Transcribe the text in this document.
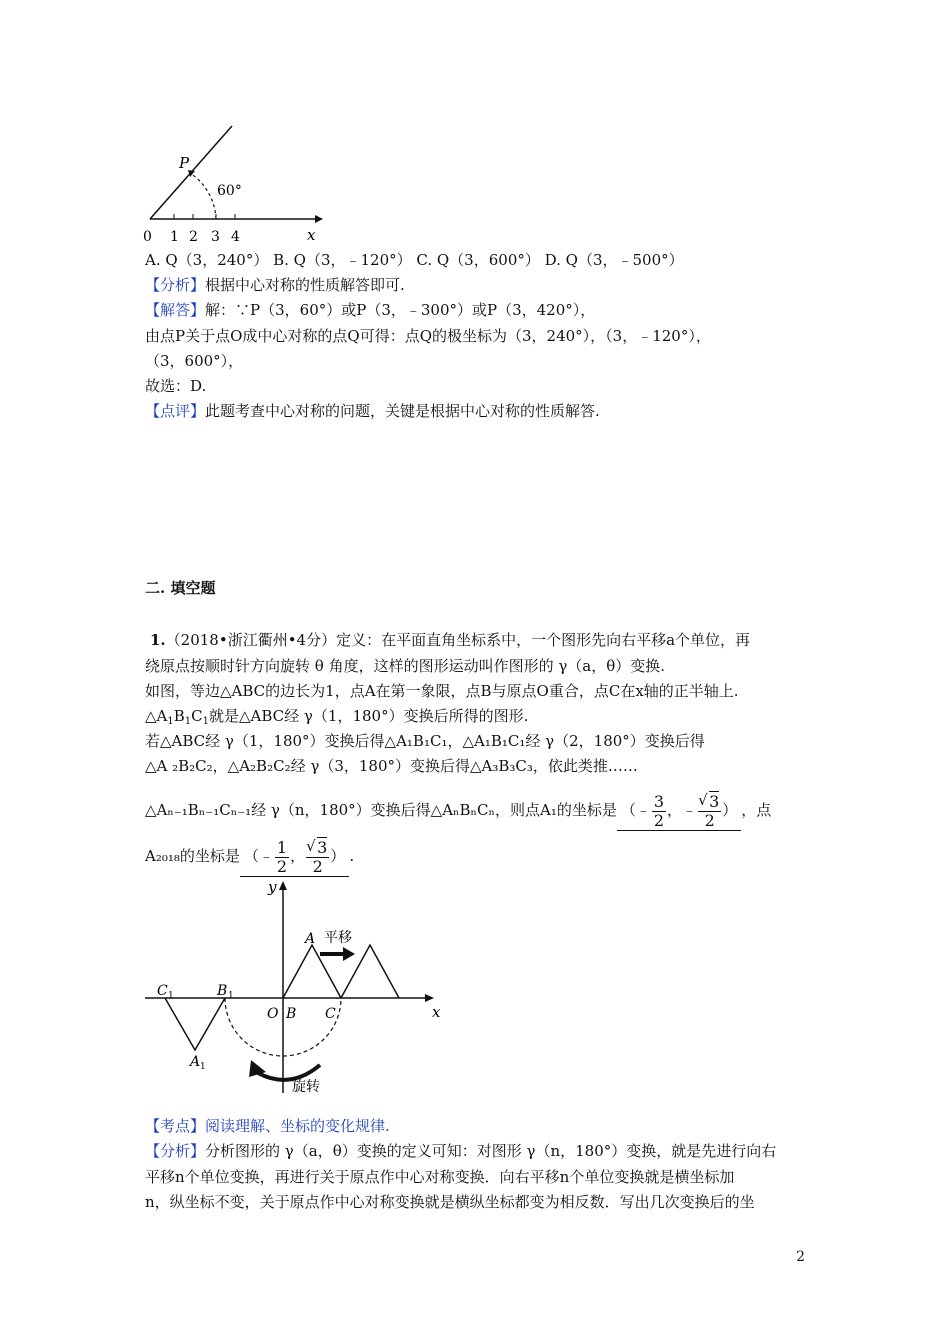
P
60°
x
0 1 2 3 4
A. Q（3，240°） B. Q（3，﹣120°） C. Q（3，600°） D. Q（3，﹣500°）
【分析】根据中心对称的性质解答即可.
【解答】解：∵P（3，60°）或P（3，﹣300°）或P（3，420°），
由点P关于点O成中心对称的点Q可得：点Q的极坐标为（3，240°），（3，﹣120°），
（3，600°），
故选：D.
【点评】此题考查中心对称的问题，关键是根据中心对称的性质解答.
二. 填空题
1.（2018•浙江衢州•4分）定义：在平面直角坐标系中，一个图形先向右平移a个单位，再
绕原点按顺时针方向旋转 θ 角度，这样的图形运动叫作图形的 γ（a，θ）变换.
如图，等边△ABC的边长为1，点A在第一象限，点B与原点O重合，点C在x轴的正半轴上.
$\triangle A_1B_1C_1$就是△ABC经 γ（1，180°）变换后所得的图形.
若△ABC经 γ（1，180°）变换后得△A₁B₁C₁，△A₁B₁C₁经 γ（2，180°）变换后得
△A ₂B₂C₂，△A₂B₂C₂经 γ（3，180°）变换后得△A₃B₃C₃，依此类推……
△Aₙ₋₁Bₙ₋₁Cₙ₋₁经 γ（n，180°）变换后得△AₙBₙCₙ，则点A₁的坐标是 （﹣ $\frac{3}{2}$ ，﹣ √ $\frac{3}{2}$ ） ，点
A₂₀₁₈的坐标是 （﹣ $\frac{1}{2}$ ， √ $\frac{3}{2}$ ） .
y
x
A
O B C
C 1	B 1
A 1
平移
旋转
【考点】阅读理解、坐标的变化规律.
【分析】分析图形的 γ（a，θ）变换的定义可知：对图形 γ（n，180°）变换，就是先进行向右
平移n个单位变换，再进行关于原点作中心对称变换．向右平移n个单位变换就是横坐标加
n，纵坐标不变，关于原点作中心对称变换就是横纵坐标都变为相反数．写出几次变换后的坐
2
